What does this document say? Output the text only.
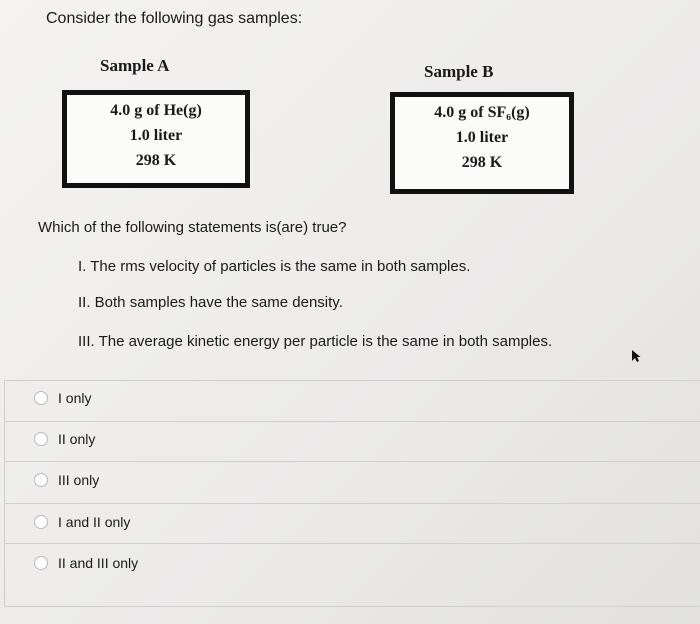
Consider the following gas samples:
Sample A
4.0 g of He(g)
1.0 liter
298 K
Sample B
4.0 g of SF₆(g)
1.0 liter
298 K
Which of the following statements is(are) true?
I. The rms velocity of particles is the same in both samples.
II. Both samples have the same density.
III. The average kinetic energy per particle is the same in both samples.
I only
II only
III only
I and II only
II and III only
